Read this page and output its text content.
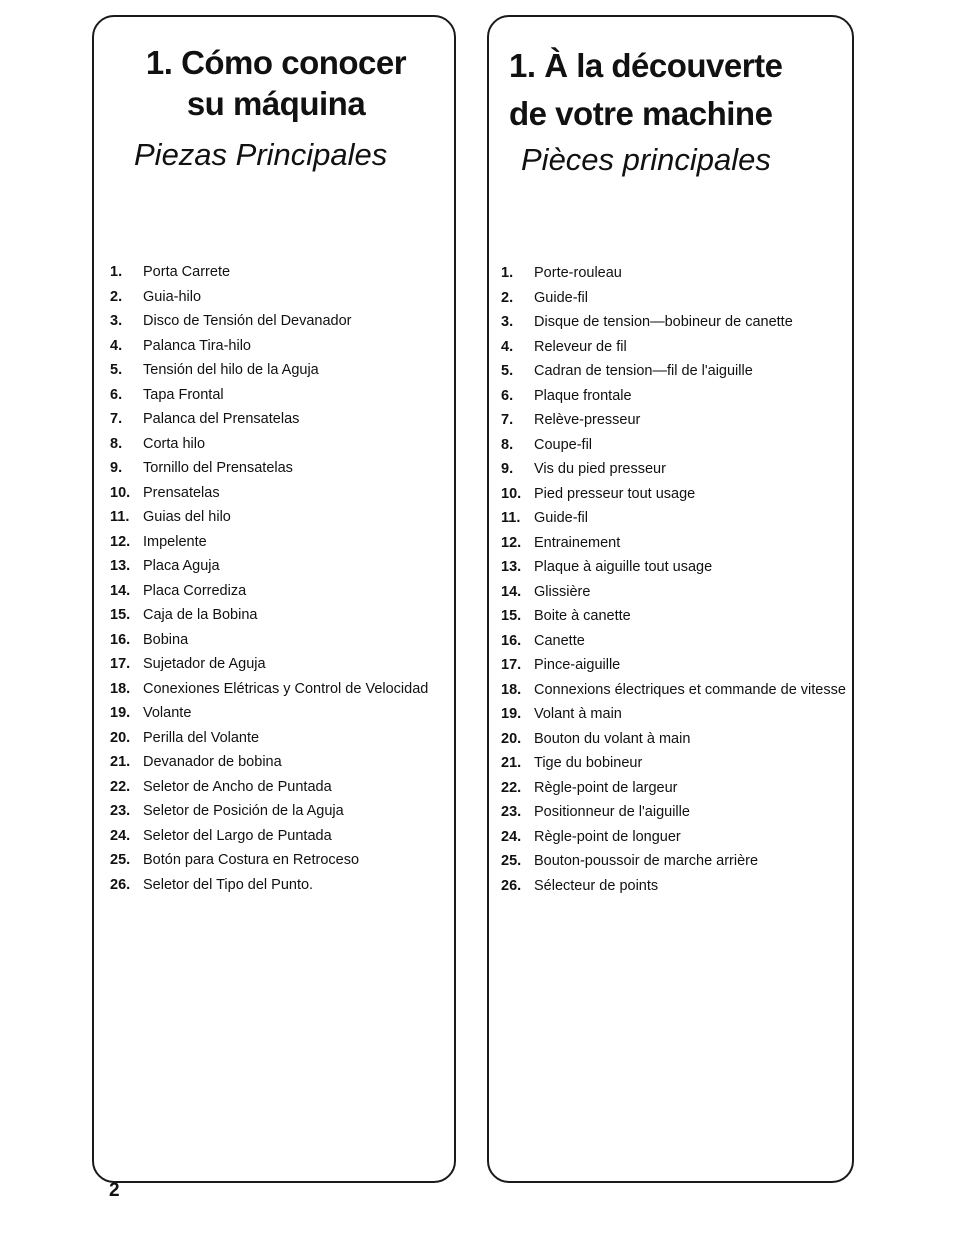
1. Cómo conocer
su máquina
Piezas Principales
1.	Porta Carrete
2.	Guia-hilo
3.	Disco de Tensión del Devanador
4.	Palanca Tira-hilo
5.	Tensión del hilo de la Aguja
6.	Tapa Frontal
7.	Palanca del Prensatelas
8.	Corta hilo
9.	Tornillo del Prensatelas
10. Prensatelas
11. Guias del hilo
12. Impelente
13. Placa Aguja
14. Placa Corrediza
15. Caja de la Bobina
16. Bobina
17. Sujetador de Aguja
18. Conexiones Elétricas y Control de Velocidad
19. Volante
20. Perilla del Volante
21. Devanador de bobina
22. Seletor de Ancho de Puntada
23. Seletor de Posición de la Aguja
24. Seletor del Largo de Puntada
25. Botón para Costura en Retroceso
26. Seletor del Tipo del Punto.
1. À la découverte
de votre machine
Pièces principales
1.	Porte-rouleau
2.	Guide-fil
3.	Disque de tension—bobineur de canette
4.	Releveur de fil
5.	Cadran de tension—fil de l'aiguille
6.	Plaque frontale
7.	Relève-presseur
8.	Coupe-fil
9.	Vis du pied presseur
10. Pied presseur tout usage
11. Guide-fil
12. Entrainement
13. Plaque à aiguille tout usage
14. Glissière
15. Boite à canette
16. Canette
17. Pince-aiguille
18. Connexions électriques et commande de vitesse
19. Volant à main
20. Bouton du volant à main
21. Tige du bobineur
22. Règle-point de largeur
23. Positionneur de l'aiguille
24. Règle-point de longuer
25. Bouton-poussoir de marche arrière
26. Sélecteur de points
2
